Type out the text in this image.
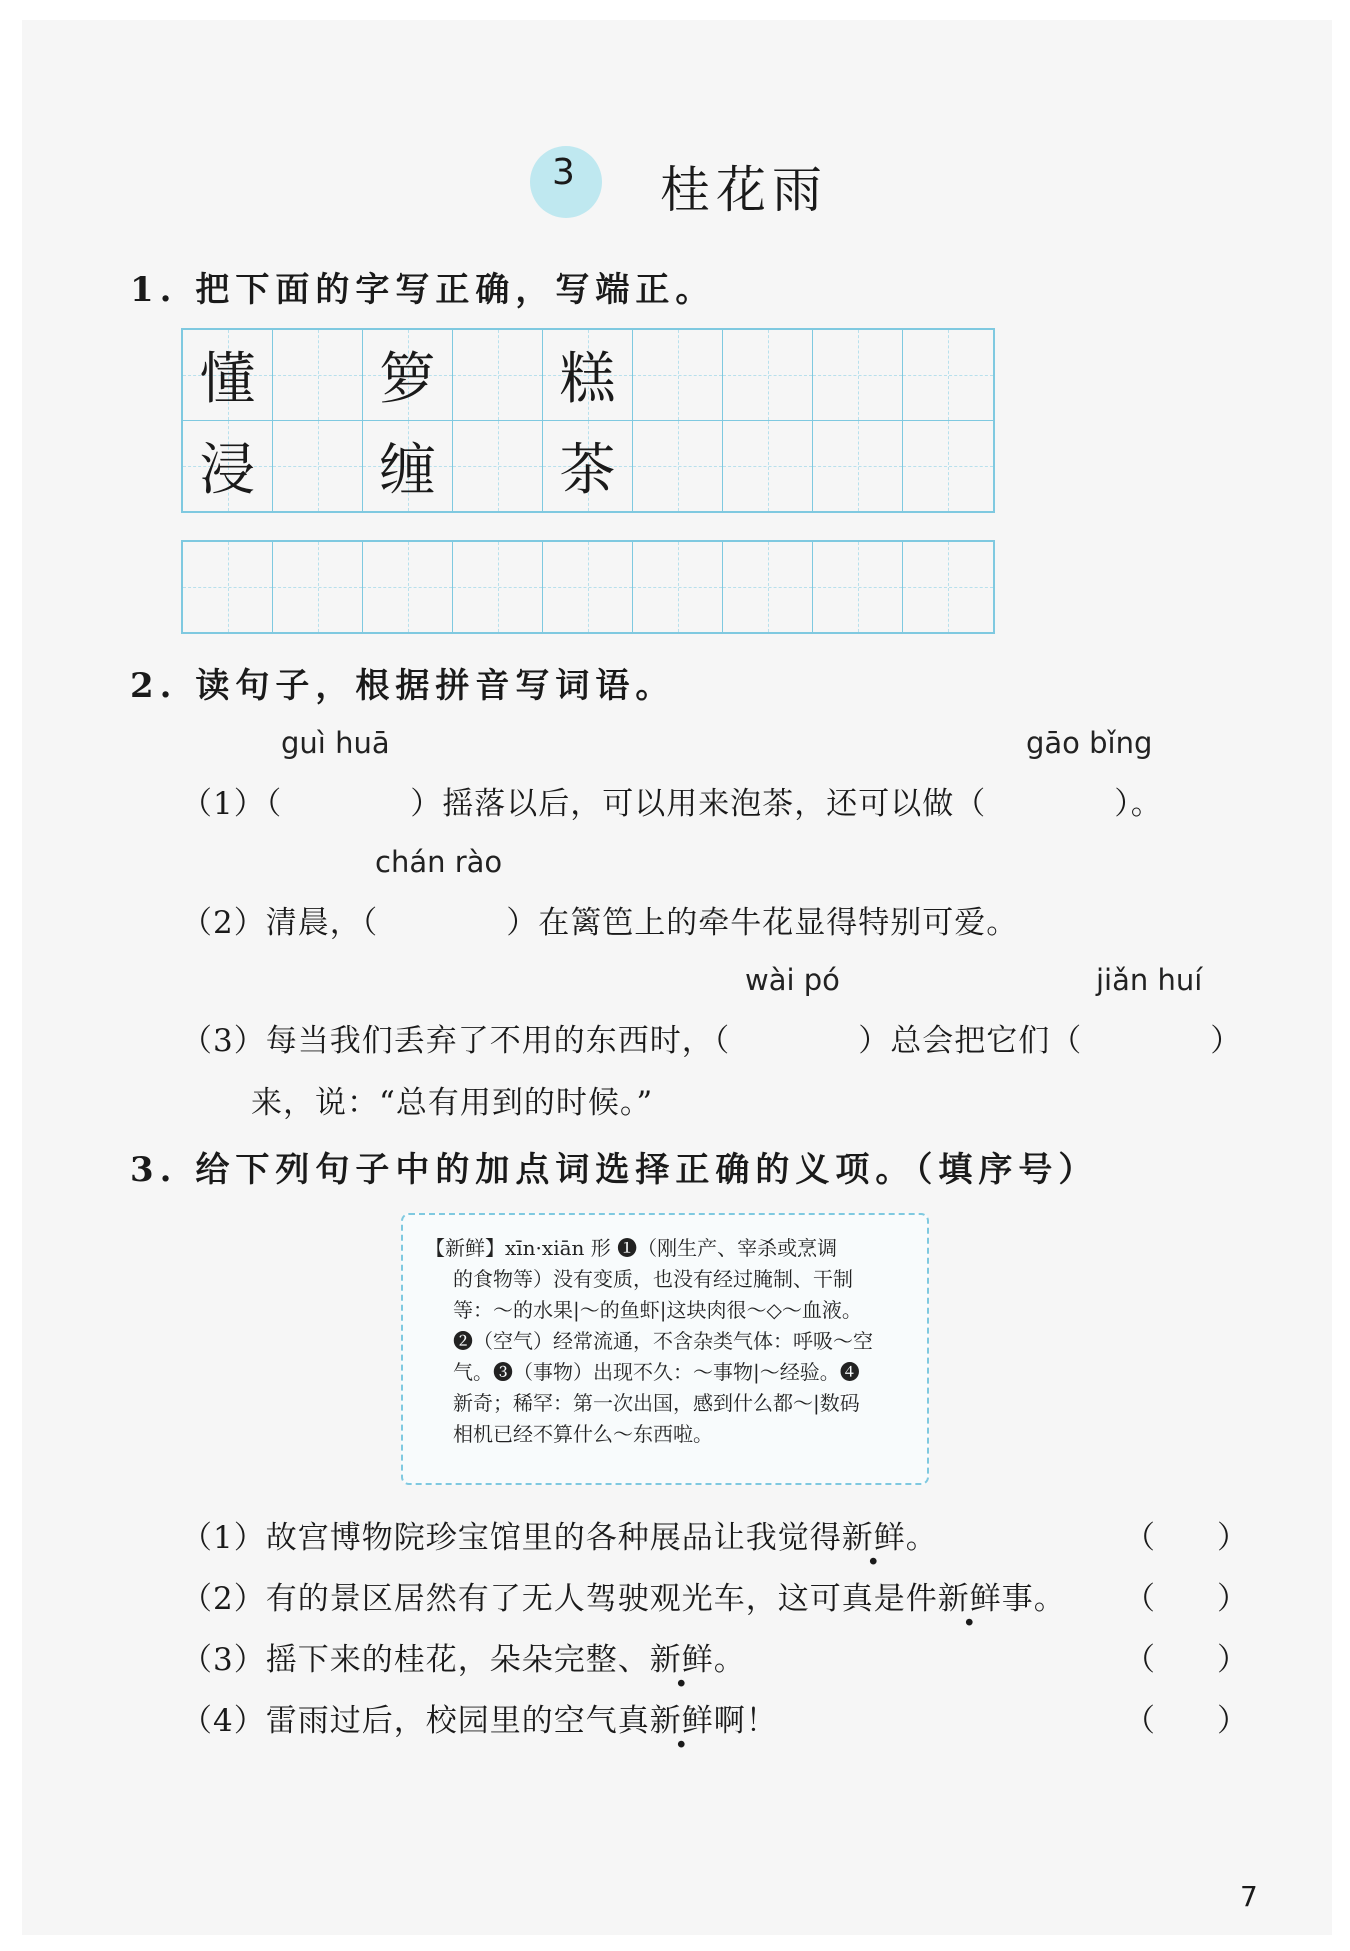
3 桂花雨
1. 把下面的字写正确，写端正。
懂 箩 糕
浸 缠 茶
2. 读句子，根据拼音写词语。
guì huā	gāo bǐng
（1）（　　　　）摇落以后，可以用来泡茶，还可以做（　　　　）。
chán rào
（2）清晨，（　　　　）在篱笆上的牵牛花显得特别可爱。
wài pó	jiǎn huí
（3）每当我们丢弃了不用的东西时，（　　　　）总会把它们（　　　　）
来，说：“总有用到的时候。”
3. 给下列句子中的加点词选择正确的义项。（填序号）

【新鲜】xīn·xiān 形 ❶（刚生产、宰杀或烹调

的食物等）没有变质，也没有经过腌制、干制

等：～的水果|～的鱼虾|这块肉很～◇～血液。

❷（空气）经常流通，不含杂类气体：呼吸～空

气。❸（事物）出现不久：～事物|～经验。❹

新奇；稀罕：第一次出国，感到什么都～|数码

相机已经不算什么～东西啦。

（1）故宫博物院珍宝馆里的各种展品让我觉得新鲜。	（　　）
（2）有的景区居然有了无人驾驶观光车，这可真是件新鲜事。 （　　）
（3）摇下来的桂花，朵朵完整、新鲜。	（　　）
（4）雷雨过后，校园里的空气真新鲜啊！	（　　）
7
